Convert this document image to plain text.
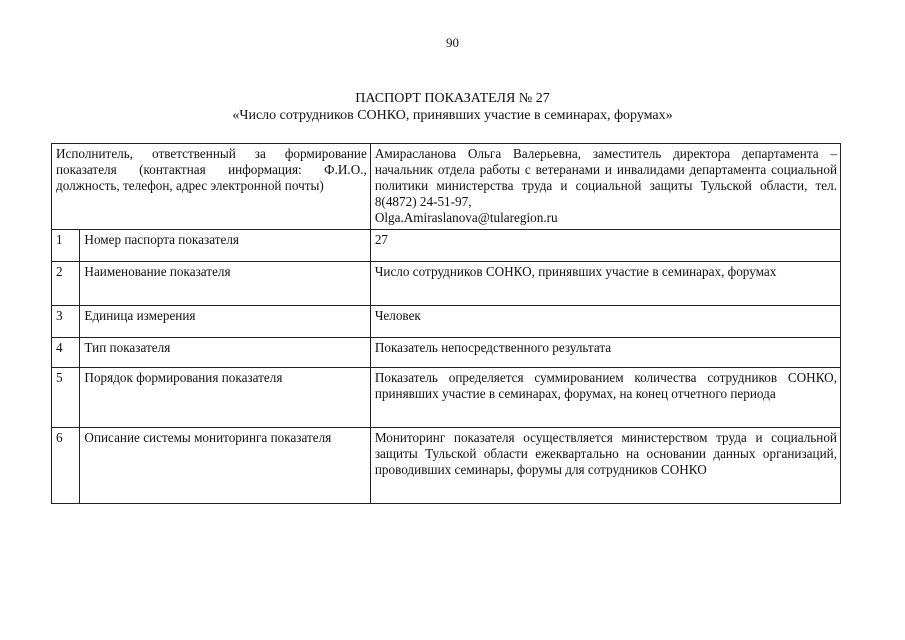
90
ПАСПОРТ ПОКАЗАТЕЛЯ № 27
«Число сотрудников СОНКО, принявших участие в семинарах, форумах»
Исполнитель, ответственный за формирование показателя (контактная информация: Ф.И.О., должность, телефон, адрес электронной почты)		Амирасланова Ольга Валерьевна, заместитель директора департамента – начальник отдела работы с ветеранами и инвалидами департамента социальной политики министерства труда и социальной защиты Тульской области, тел. 8(4872) 24-51-97,
Olga.Amiraslanova@tularegion.ru

1	Номер паспорта показателя	27
2	Наименование показателя	Число сотрудников СОНКО, принявших участие в семинарах, форумах
3	Единица измерения	Человек
4	Тип показателя	Показатель непосредственного результата
5	Порядок формирования показателя	Показатель определяется суммированием количества сотрудников СОНКО, принявших участие в семинарах, форумах, на конец отчетного периода
6	Описание системы мониторинга показателя	Мониторинг показателя осуществляется министерством труда и социальной защиты Тульской области ежеквартально на основании данных организаций, проводивших семинары, форумы для сотрудников СОНКО
